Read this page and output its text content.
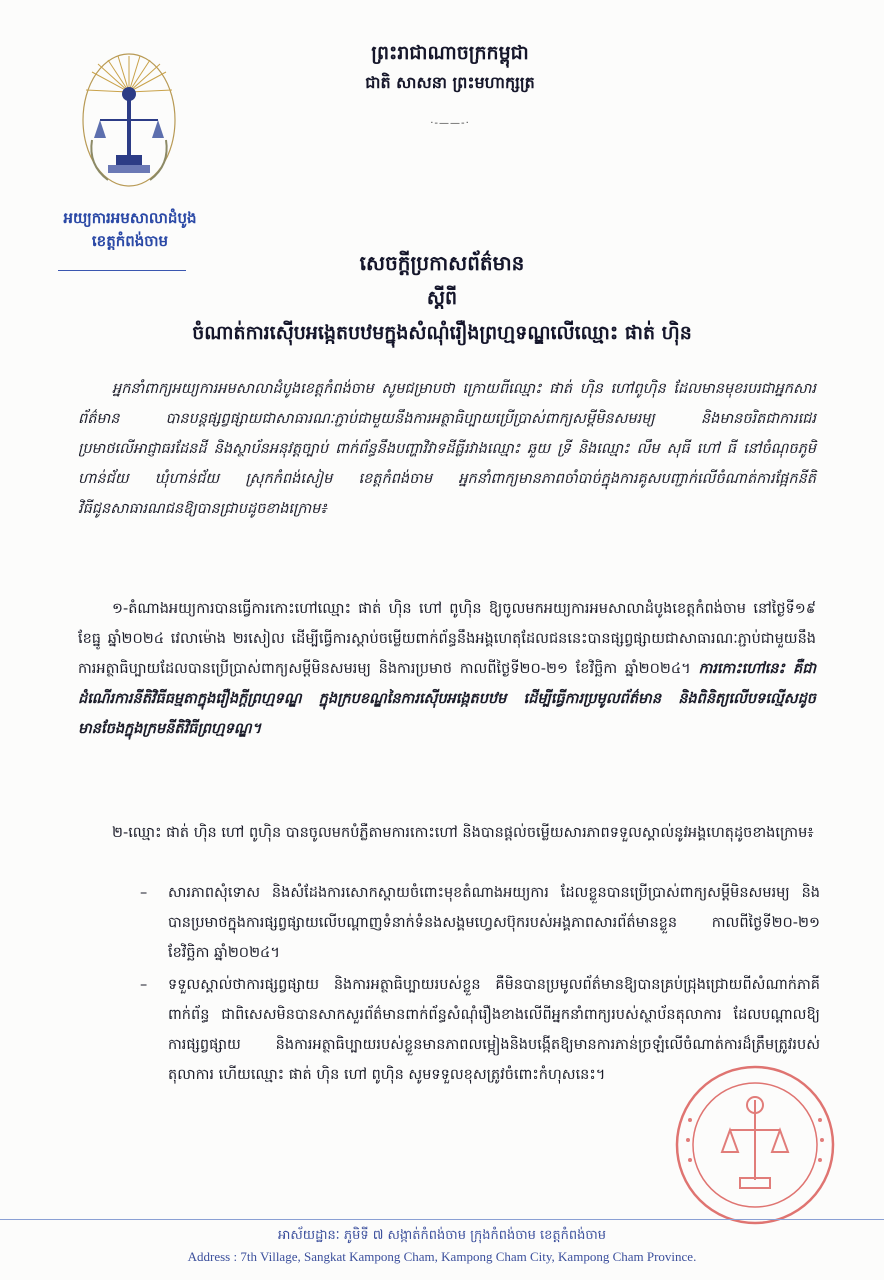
អយ្យការអមសាលាដំបូង
ខេត្តកំពង់ចាម
ព្រះរាជាណាចក្រកម្ពុជា
ជាតិ សាសនា ព្រះមហាក្សត្រ
·-——-·
សេចក្តីប្រកាសព័ត៌មាន
ស្តីពី
ចំណាត់ការស៊ើបអង្កេតបឋមក្នុងសំណុំរឿងព្រហ្មទណ្ឌលើឈ្មោះ ផាត់ ហ៊ិន
អ្នកនាំពាក្យអយ្យការអមសាលាដំបូងខេត្តកំពង់ចាម សូមជម្រាបថា ក្រោយពីឈ្មោះ ផាត់ ហ៊ិន ហៅពូហ៊ិន ដែលមានមុខរបរជាអ្នកសារព័ត៌មាន បានបន្តផ្សព្វផ្សាយជាសាធារណៈភ្ជាប់ជាមួយនឹងការអត្ថាធិប្បាយប្រើប្រាស់ពាក្យសម្តីមិនសមរម្យ និងមានចរិតជាការជេរប្រមាថលើអាជ្ញាធរដែនដី និងស្ថាប័នអនុវត្តច្បាប់ ពាក់ព័ន្ធនឹងបញ្ហាវិវាទដីធ្លីរវាងឈ្មោះ ឆួយ ទ្រី និងឈ្មោះ លឹម សុធី ហៅ ធី នៅចំណុចភូមិហាន់ជ័យ ឃុំហាន់ជ័យ ស្រុកកំពង់សៀម ខេត្តកំពង់ចាម អ្នកនាំពាក្យមានភាពចាំបាច់ក្នុងការគូសបញ្ជាក់លើចំណាត់ការផ្អែកនីតិវិធីជូនសាធារណជនឱ្យបានជ្រាបដូចខាងក្រោម៖
១-តំណាងអយ្យការបានធ្វើការកោះហៅឈ្មោះ ផាត់ ហ៊ិន ហៅ ពូហ៊ិន ឱ្យចូលមកអយ្យការអមសាលាដំបូងខេត្តកំពង់ចាម នៅថ្ងៃទី១៩ ខែធ្នូ ឆ្នាំ២០២៤ វេលាម៉ោង ២រសៀល ដើម្បីធ្វើការស្តាប់ចម្លើយពាក់ព័ន្ធនឹងអង្គហេតុដែលជននេះបានផ្សព្វផ្សាយជាសាធារណៈភ្ជាប់ជាមួយនឹងការអត្ថាធិប្បាយដែលបានប្រើប្រាស់ពាក្យសម្តីមិនសមរម្យ និងការប្រមាថ កាលពីថ្ងៃទី២០-២១ ខែវិច្ឆិកា ឆ្នាំ២០២៤។ ការកោះហៅនេះ គឺជាដំណើរការនីតិវិធីធម្មតាក្នុងរឿងក្តីព្រហ្មទណ្ឌ ក្នុងក្របខណ្ឌនៃការស៊ើបអង្កេតបឋម ដើម្បីធ្វើការប្រមូលព័ត៌មាន និងពិនិត្យលើបទល្មើសដូចមានចែងក្នុងក្រមនីតិវិធីព្រហ្មទណ្ឌ។
២-ឈ្មោះ ផាត់ ហ៊ិន ហៅ ពូហ៊ិន បានចូលមកបំភ្លឺតាមការកោះហៅ និងបានផ្តល់ចម្លើយសារភាពទទួលស្គាល់នូវអង្គហេតុដូចខាងក្រោម៖
– សារភាពសុំទោស និងសំដែងការសោកស្តាយចំពោះមុខតំណាងអយ្យការ ដែលខ្លួនបានប្រើប្រាស់ពាក្យសម្តីមិនសមរម្យ និងបានប្រមាថក្នុងការផ្សព្វផ្សាយលើបណ្តាញទំនាក់ទំនងសង្គមហ្វេសប៊ុករបស់អង្គភាពសារព័ត៌មានខ្លួន កាលពីថ្ងៃទី២០-២១ ខែវិច្ឆិកា ឆ្នាំ២០២៤។
– ទទួលស្គាល់ថាការផ្សព្វផ្សាយ និងការអត្ថាធិប្បាយរបស់ខ្លួន គឺមិនបានប្រមូលព័ត៌មានឱ្យបានគ្រប់ជ្រុងជ្រោយពីសំណាក់ភាគីពាក់ព័ន្ធ ជាពិសេសមិនបានសាកសួរព័ត៌មានពាក់ព័ន្ធសំណុំរឿងខាងលើពីអ្នកនាំពាក្យរបស់ស្ថាប័នតុលាការ ដែលបណ្តាលឱ្យការផ្សព្វផ្សាយ និងការអត្ថាធិប្បាយរបស់ខ្លួនមានភាពលម្អៀងនិងបង្កើតឱ្យមានការភាន់ច្រឡំលើចំណាត់ការដ៏ត្រឹមត្រូវរបស់តុលាការ ហើយឈ្មោះ ផាត់ ហ៊ិន ហៅ ពូហ៊ិន សូមទទួលខុសត្រូវចំពោះកំហុសនេះ។
អាស័យដ្ឋានៈ ភូមិទី ៧ សង្កាត់កំពង់ចាម ក្រុងកំពង់ចាម ខេត្តកំពង់ចាម
Address : 7th Village, Sangkat Kampong Cham, Kampong Cham City, Kampong Cham Province.
